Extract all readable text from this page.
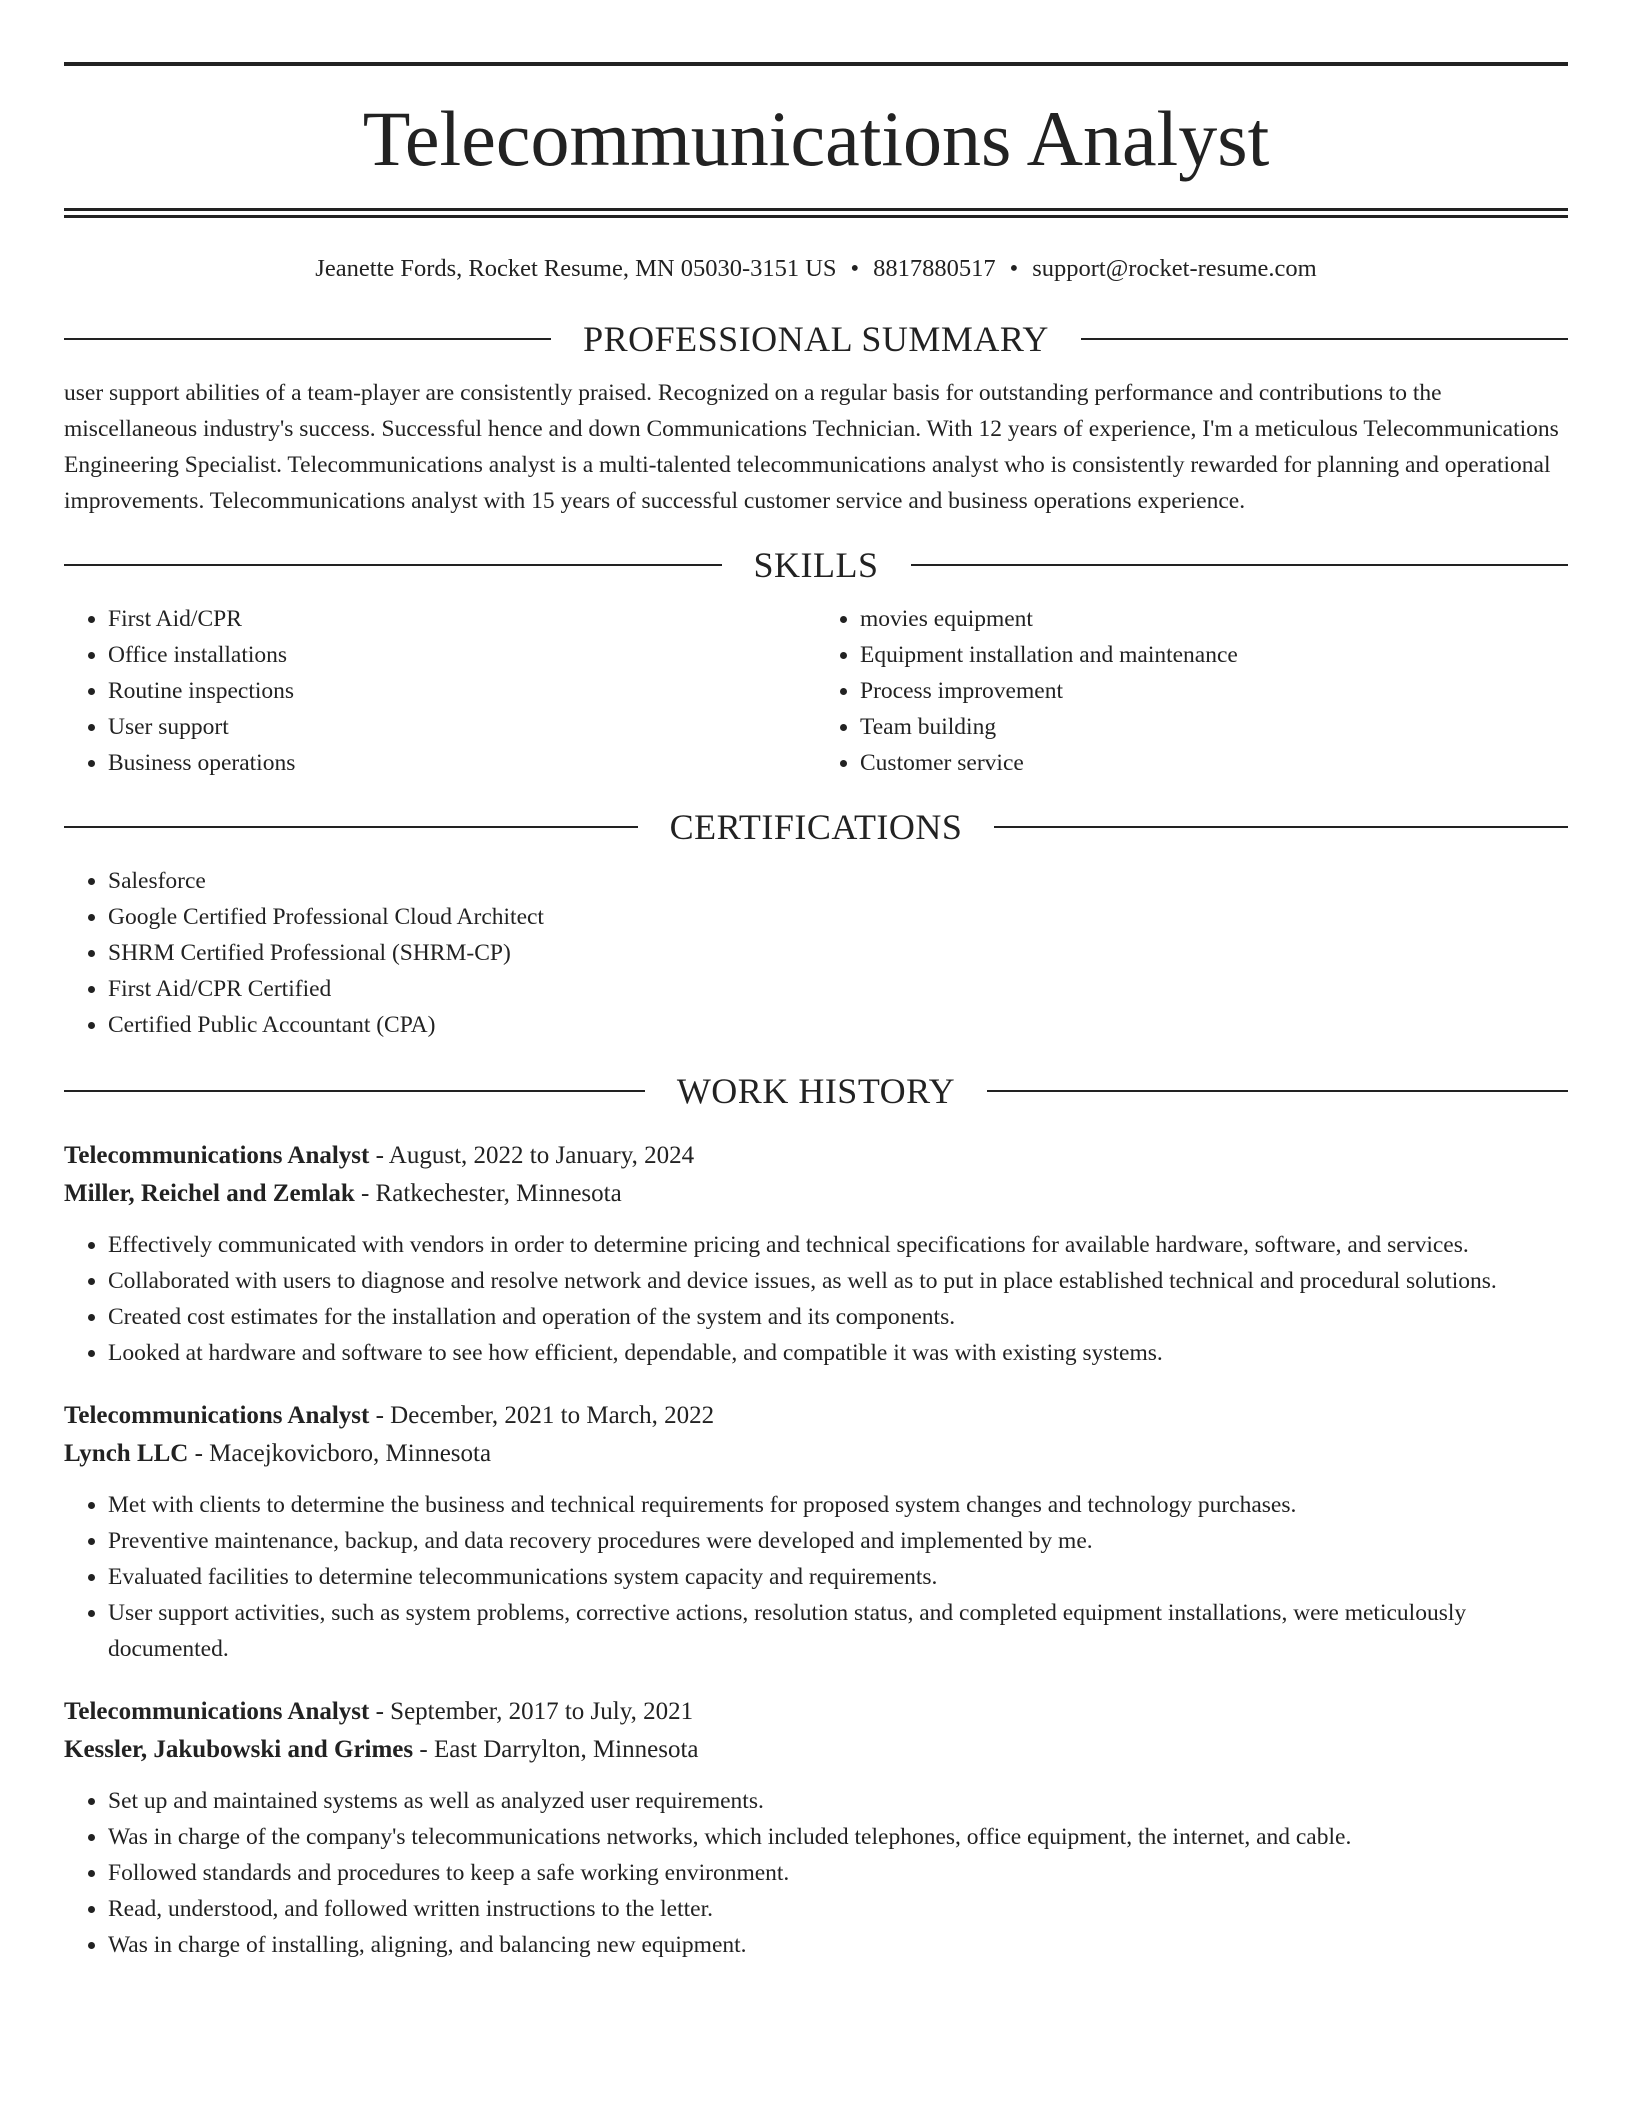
Telecommunications Analyst
Jeanette Fords, Rocket Resume, MN 05030-3151 US • 8817880517 • support@rocket-resume.com
PROFESSIONAL SUMMARY

user support abilities of a team-player are consistently praised. Recognized on a regular basis for outstanding performance and contributions to the miscellaneous industry's success. Successful hence and down Communications Technician. With 12 years of experience, I'm a meticulous Telecommunications Engineering Specialist. Telecommunications analyst is a multi-talented telecommunications analyst who is consistently rewarded for planning and operational improvements. Telecommunications analyst with 15 years of successful customer service and business operations experience.

SKILLS
• First Aid/CPR
• Office installations
• Routine inspections
• User support
• Business operations
• movies equipment
• Equipment installation and maintenance
• Process improvement
• Team building
• Customer service
CERTIFICATIONS
• Salesforce
• Google Certified Professional Cloud Architect
• SHRM Certified Professional (SHRM-CP)
• First Aid/CPR Certified
• Certified Public Accountant (CPA)
WORK HISTORY
Telecommunications Analyst - August, 2022 to January, 2024
Miller, Reichel and Zemlak - Ratkechester, Minnesota
• Effectively communicated with vendors in order to determine pricing and technical specifications for available hardware, software, and services.
• Collaborated with users to diagnose and resolve network and device issues, as well as to put in place established technical and procedural solutions.
• Created cost estimates for the installation and operation of the system and its components.
• Looked at hardware and software to see how efficient, dependable, and compatible it was with existing systems.
Telecommunications Analyst - December, 2021 to March, 2022
Lynch LLC - Macejkovicboro, Minnesota
• Met with clients to determine the business and technical requirements for proposed system changes and technology purchases.
• Preventive maintenance, backup, and data recovery procedures were developed and implemented by me.
• Evaluated facilities to determine telecommunications system capacity and requirements.
• User support activities, such as system problems, corrective actions, resolution status, and completed equipment installations, were meticulously documented.
Telecommunications Analyst - September, 2017 to July, 2021
Kessler, Jakubowski and Grimes - East Darrylton, Minnesota
• Set up and maintained systems as well as analyzed user requirements.
• Was in charge of the company's telecommunications networks, which included telephones, office equipment, the internet, and cable.
• Followed standards and procedures to keep a safe working environment.
• Read, understood, and followed written instructions to the letter.
• Was in charge of installing, aligning, and balancing new equipment.
